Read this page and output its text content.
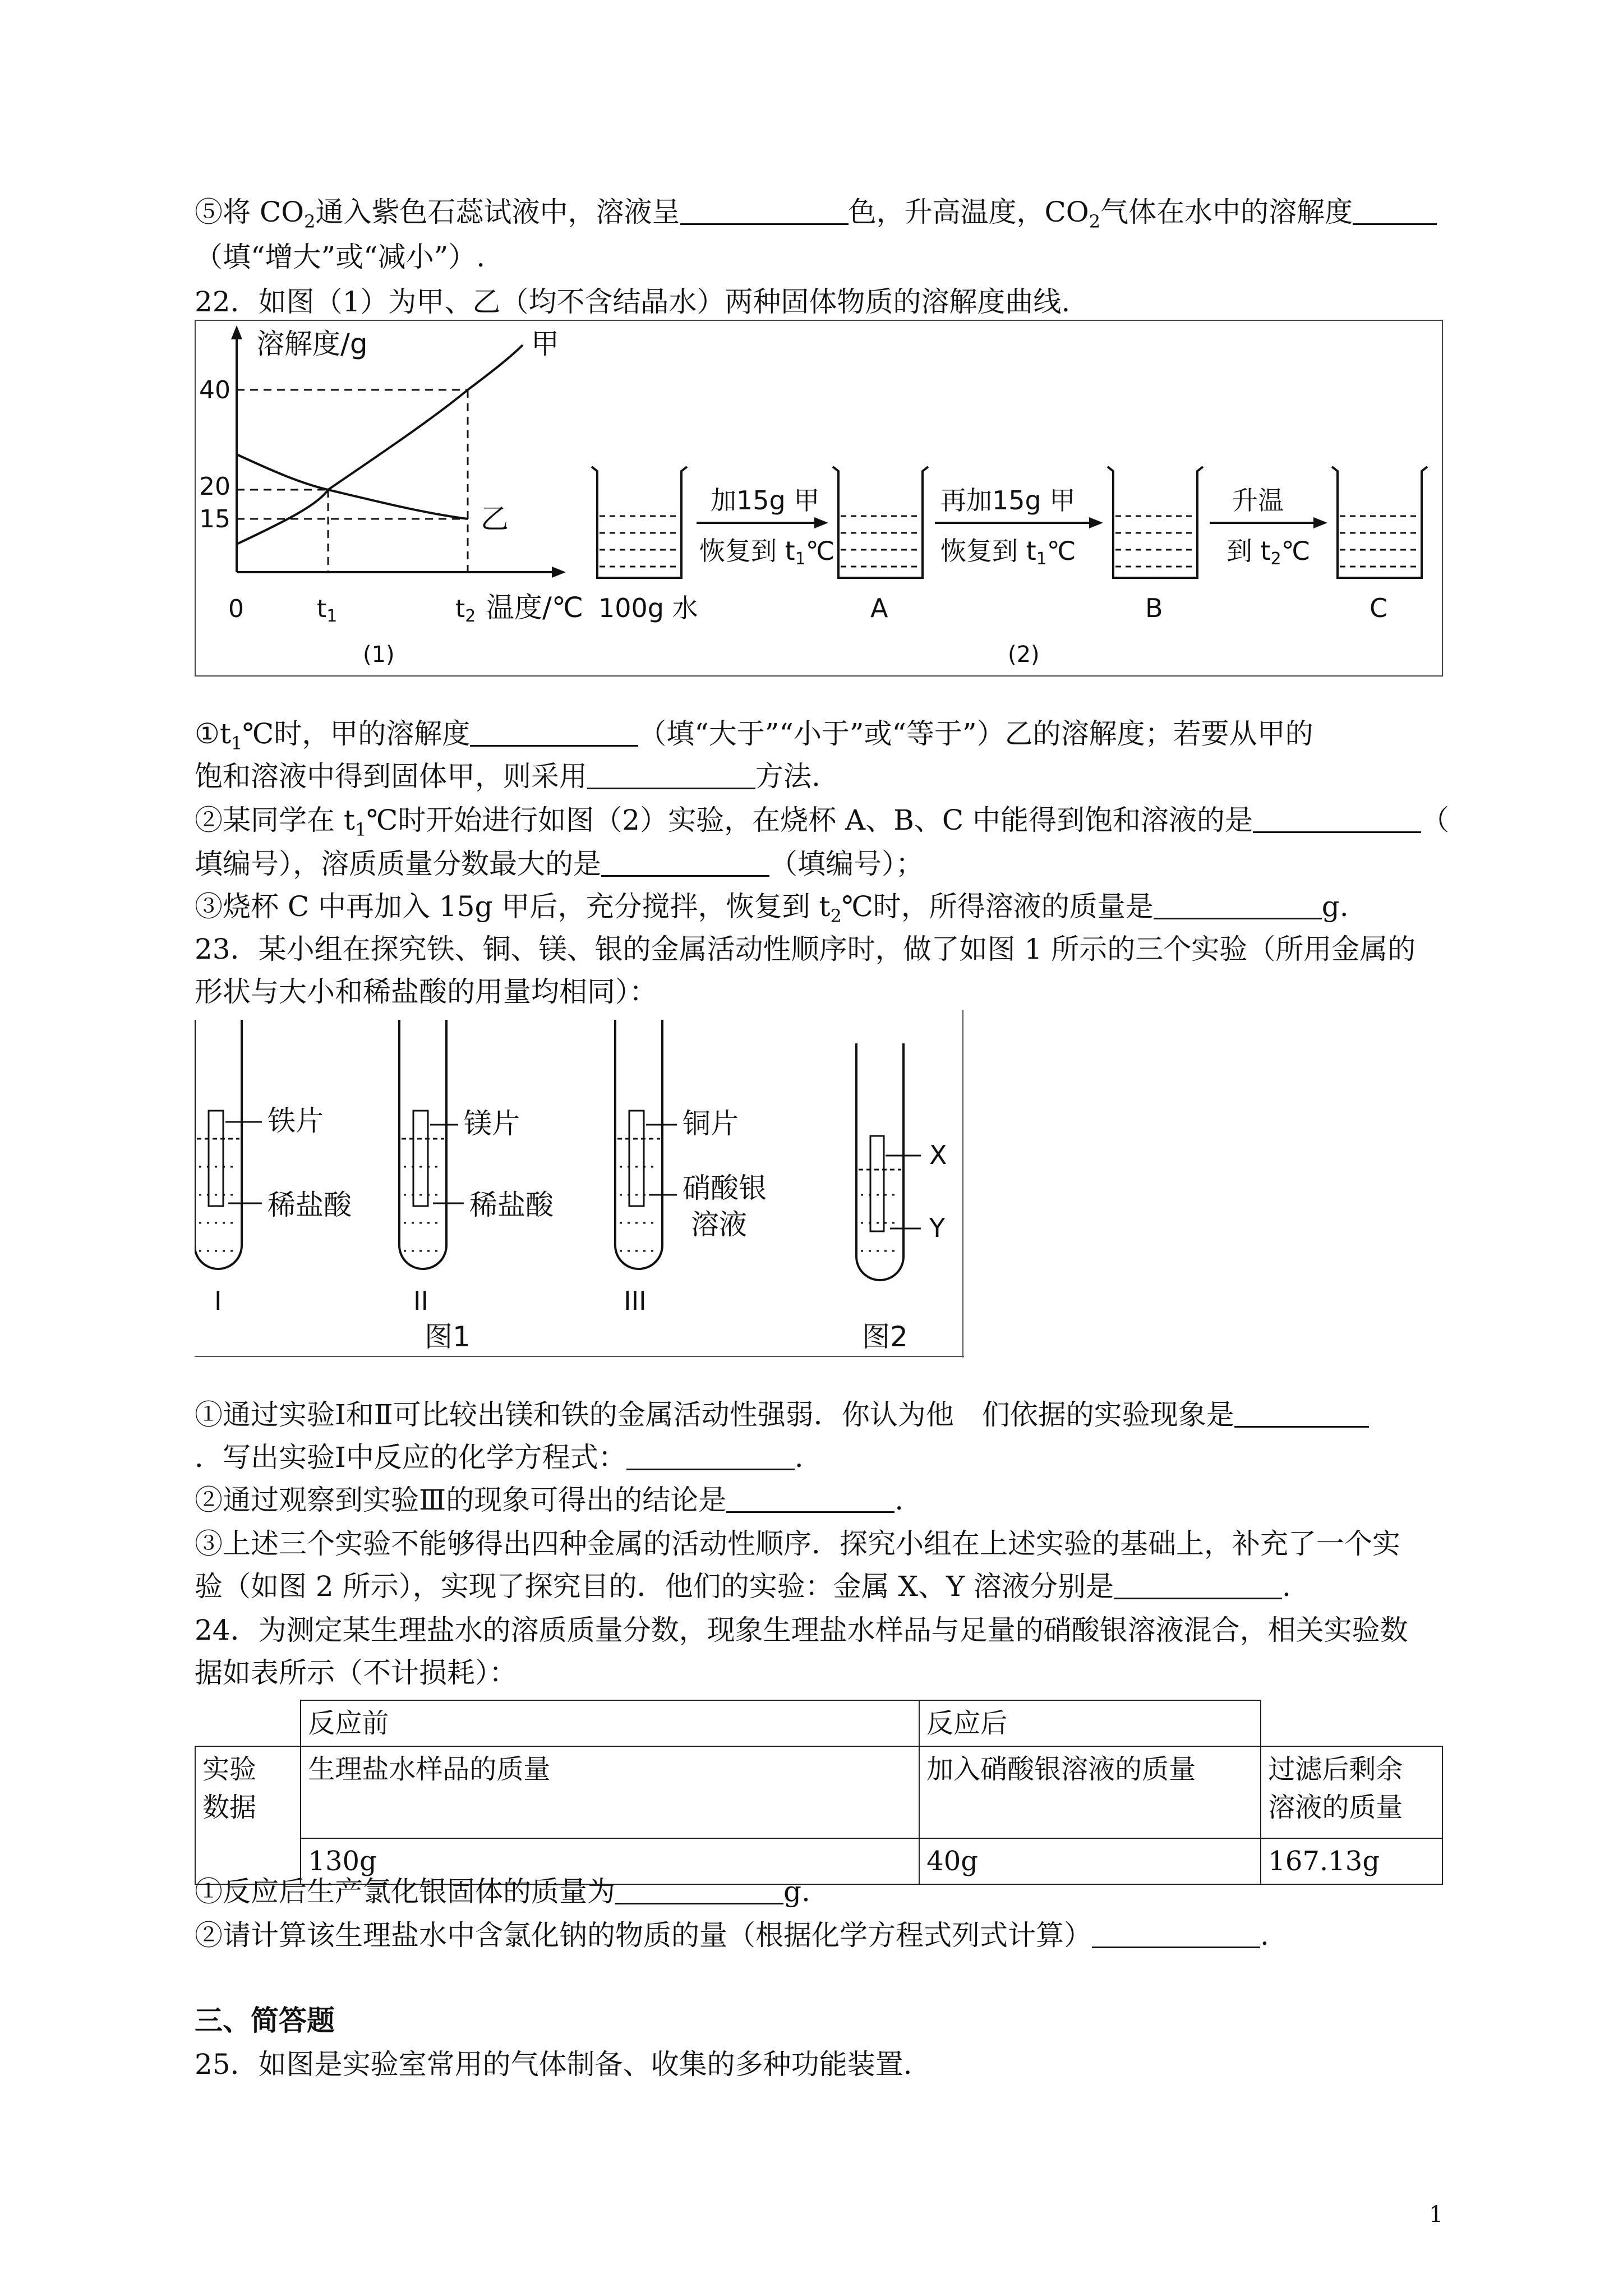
⑤将 $CO_2$通入紫色石蕊试液中，溶液呈	色，升高温度，$CO_2$气体在水中的溶解度
（填“增大”或“减小”）.
22．如图（1）为甲、乙（均不含结晶水）两种固体物质的溶解度曲线.
溶解度/g	甲
乙
40
20
15
0	t1	t2 温度/℃
(1)
100g 水	A	B	C
加15g 甲
恢复到 t1℃
再加15g 甲
恢复到 t1℃
升温
到 t2℃
(2)
$①t_1℃$时，甲的溶解度	（填“大于”“小于”或“等于”）乙的溶解度；若要从甲的
饱和溶液中得到固体甲，则采用	方法.
②某同学在 $t_1℃$时开始进行如图（2）实验，在烧杯 A、B、C 中能得到饱和溶液的是	（
填编号），溶质质量分数最大的是	（填编号）；
③烧杯 C 中再加入 15g 甲后，充分搅拌，恢复到 $t_2℃$时，所得溶液的质量是	g.
23．某小组在探究铁、铜、镁、银的金属活动性顺序时，做了如图 1 所示的三个实验（所用金属的
形状与大小和稀盐酸的用量均相同）：
铁片
稀盐酸
I
镁片
稀盐酸
II
铜片
硝酸银
溶液
III
X
Y
图1	图2
①通过实验Ⅰ和Ⅱ可比较出镁和铁的金属活动性强弱．你认为他　们依据的实验现象是
．写出实验Ⅰ中反应的化学方程式：	.
②通过观察到实验Ⅲ的现象可得出的结论是	.
③上述三个实验不能够得出四种金属的活动性顺序．探究小组在上述实验的基础上，补充了一个实
验（如图 2 所示），实现了探究目的．他们的实验：金属 X、Y 溶液分别是	.
24．为测定某生理盐水的溶质质量分数，现象生理盐水样品与足量的硝酸银溶液混合，相关实验数
据如表所示（不计损耗）：
	反应前	反应后	
实验
数据	生理盐水样品的质量	加入硝酸银溶液的质量	过滤后剩余
溶液的质量
	130g	40g	167.13g
①反应后生产氯化银固体的质量为	g.
②请计算该生理盐水中含氯化钠的物质的量（根据化学方程式列式计算）	.
三、简答题
25．如图是实验室常用的气体制备、收集的多种功能装置.
1
